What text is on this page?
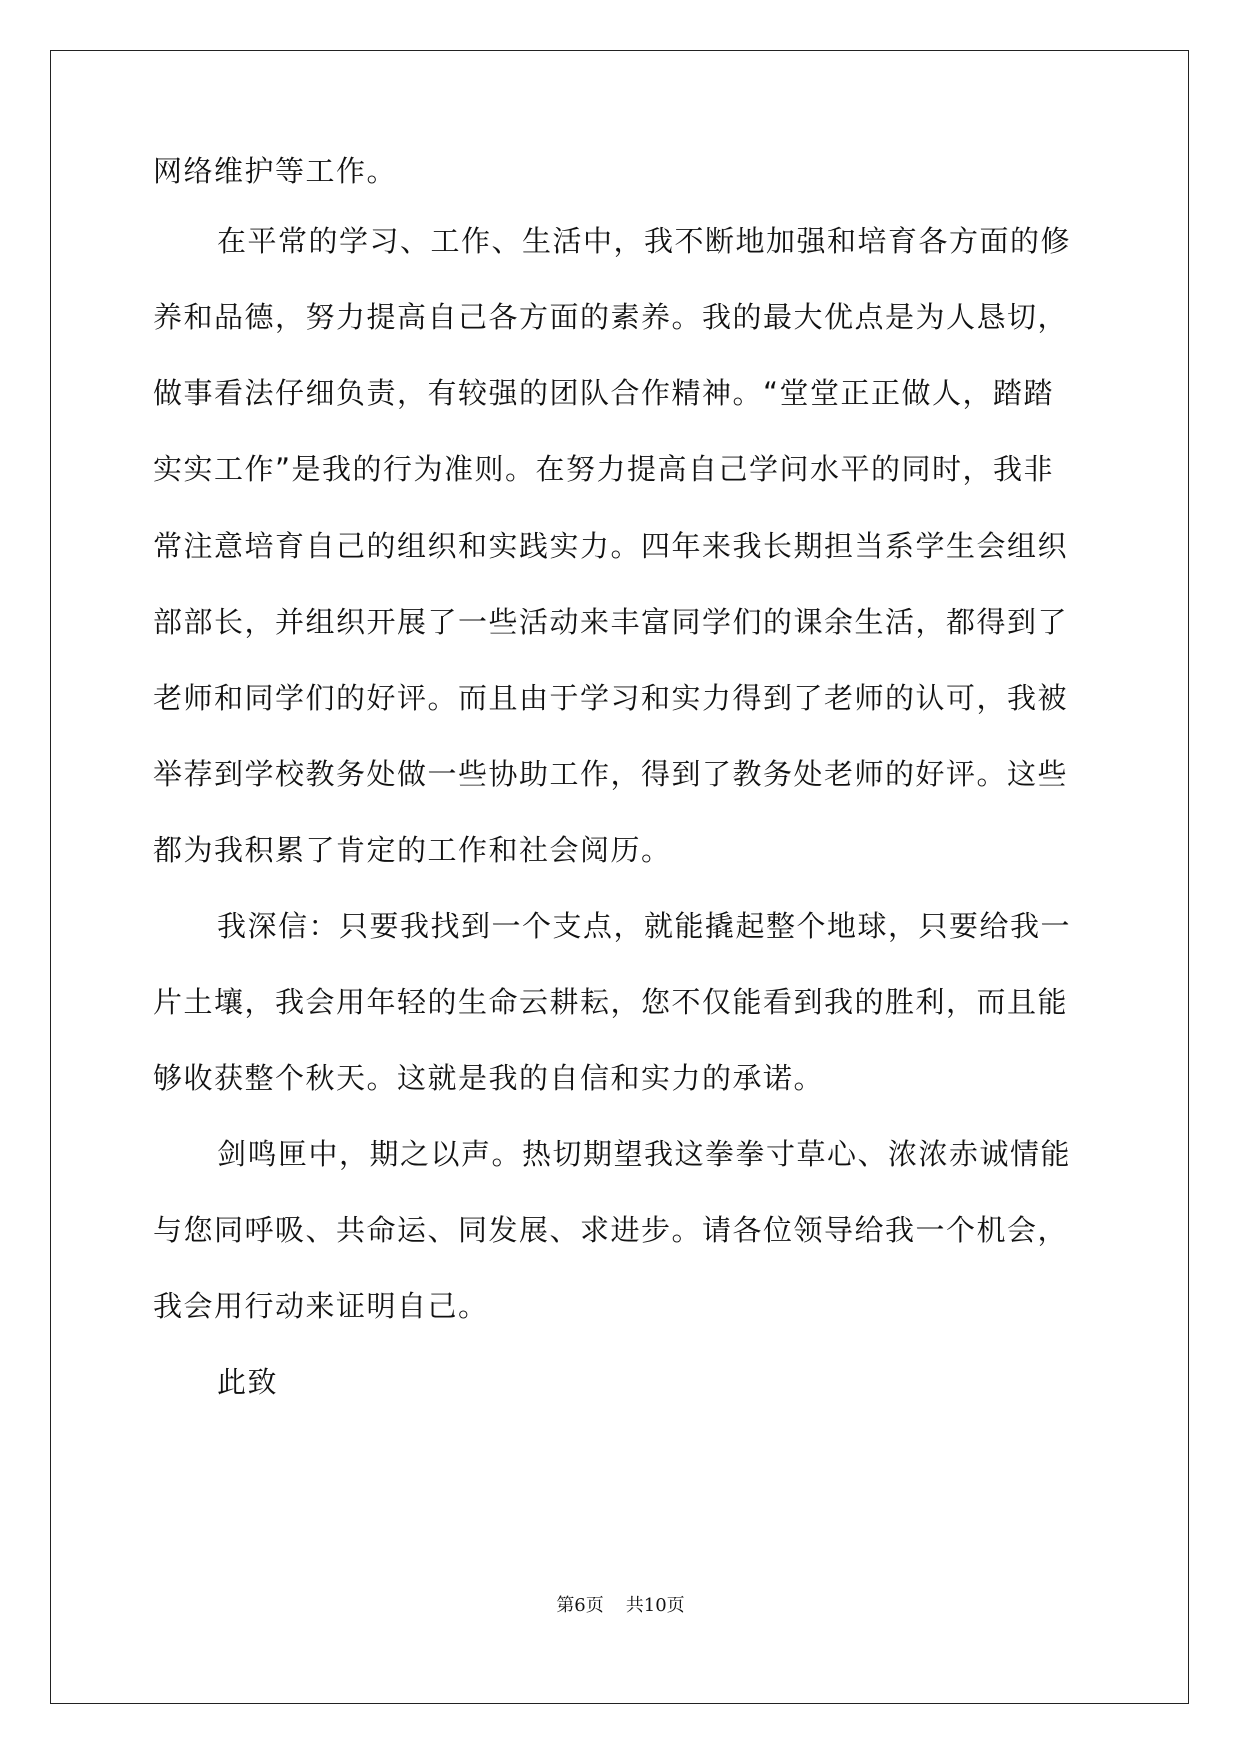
网络维护等工作。
在平常的学习、工作、生活中，我不断地加强和培育各方面的修
养和品德，努力提高自己各方面的素养。我的最大优点是为人恳切，
做事看法仔细负责，有较强的团队合作精神。“堂堂正正做人，踏踏
实实工作”是我的行为准则。在努力提高自己学问水平的同时，我非
常注意培育自己的组织和实践实力。四年来我长期担当系学生会组织
部部长，并组织开展了一些活动来丰富同学们的课余生活，都得到了
老师和同学们的好评。而且由于学习和实力得到了老师的认可，我被
举荐到学校教务处做一些协助工作，得到了教务处老师的好评。这些
都为我积累了肯定的工作和社会阅历。
我深信：只要我找到一个支点，就能撬起整个地球，只要给我一
片土壤，我会用年轻的生命云耕耘，您不仅能看到我的胜利，而且能
够收获整个秋天。这就是我的自信和实力的承诺。
剑鸣匣中，期之以声。热切期望我这拳拳寸草心、浓浓赤诚情能
与您同呼吸、共命运、同发展、求进步。请各位领导给我一个机会，
我会用行动来证明自己。
此致
第6页 共10页
